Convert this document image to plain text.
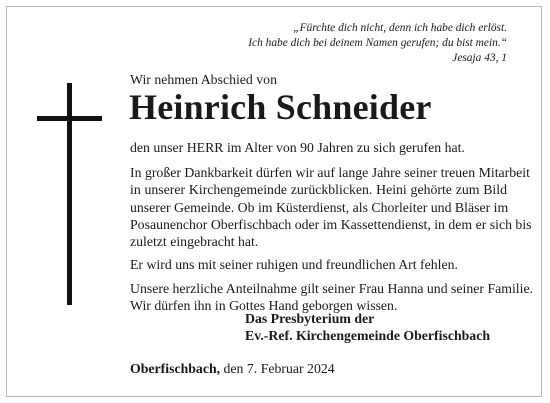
„Fürchte dich nicht, denn ich habe dich erlöst.
Ich habe dich bei deinem Namen gerufen; du bist mein.“
Jesaja 43, 1
Wir nehmen Abschied von
Heinrich Schneider
den unser HERR im Alter von 90 Jahren zu sich gerufen hat.
In großer Dankbarkeit dürfen wir auf lange Jahre seiner treuen Mitarbeit
in unserer Kirchengemeinde zurückblicken. Heini gehörte zum Bild
unserer Gemeinde. Ob im Küsterdienst, als Chorleiter und Bläser im
Posaunenchor Oberfischbach oder im Kassettendienst, in dem er sich bis
zuletzt eingebracht hat.
Er wird uns mit seiner ruhigen und freundlichen Art fehlen.
Unsere herzliche Anteilnahme gilt seiner Frau Hanna und seiner Familie.
Wir dürfen ihn in Gottes Hand geborgen wissen.
Das Presbyterium der
Ev.-Ref. Kirchengemeinde Oberfischbach
Oberfischbach, den 7. Februar 2024
